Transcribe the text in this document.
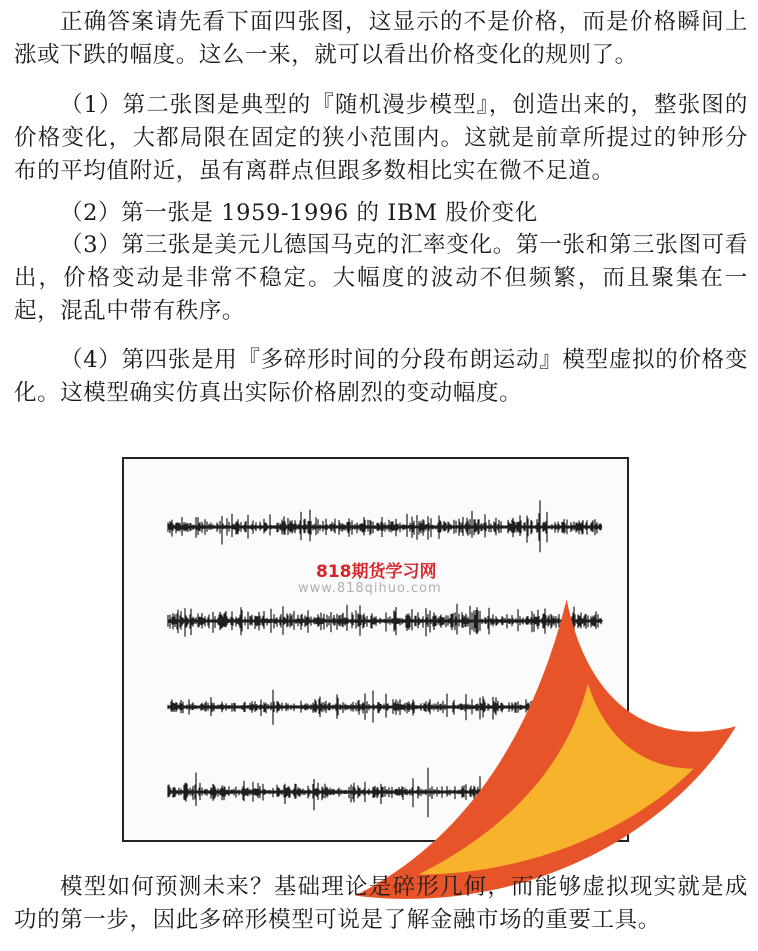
正确答案请先看下面四张图，这显示的不是价格，而是价格瞬间上涨或下跌的幅度。这么一来，就可以看出价格变化的规则了。

（1）第二张图是典型的『随机漫步模型』，创造出来的，整张图的价格变化，大都局限在固定的狭小范围内。这就是前章所提过的钟形分布的平均值附近，虽有离群点但跟多数相比实在微不足道。

（2）第一张是 1959-1996 的 IBM 股价变化

（3）第三张是美元儿德国马克的汇率变化。第一张和第三张图可看出，价格变动是非常不稳定。大幅度的波动不但频繁，而且聚集在一起，混乱中带有秩序。

（4）第四张是用『多碎形时间的分段布朗运动』模型虚拟的价格变化。这模型确实仿真出实际价格剧烈的变动幅度。

818期货学习网
www.818qihuo.com

模型如何预测未来？基础理论是碎形几何，而能够虚拟现实就是成功的第一步，因此多碎形模型可说是了解金融市场的重要工具。
